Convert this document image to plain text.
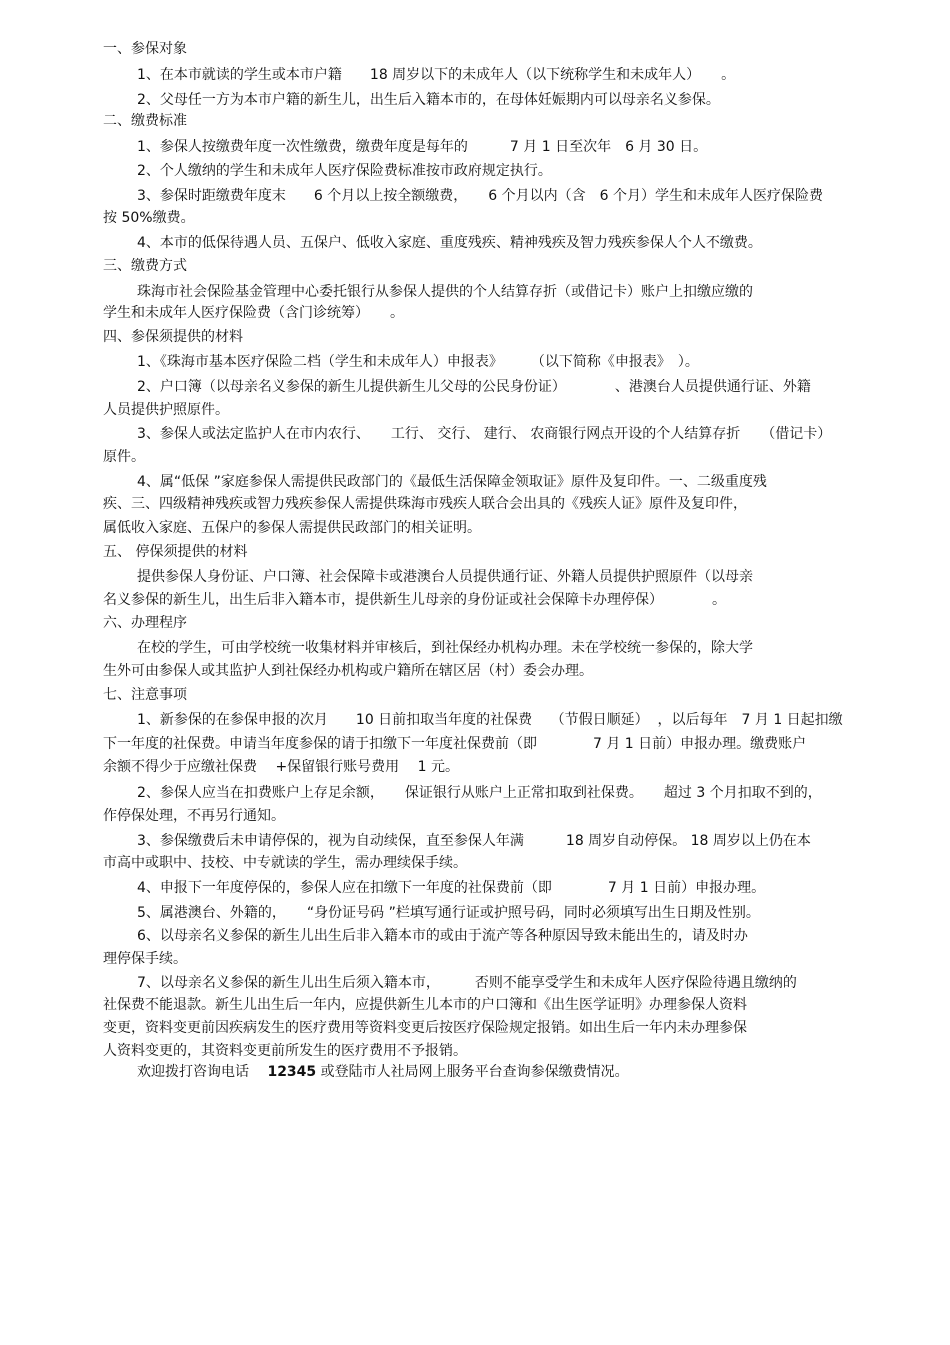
一、参保对象
1、在本市就读的学生或本市户籍　　18 周岁以下的未成年人（以下统称学生和未成年人）　　。
2、父母任一方为本市户籍的新生儿，出生后入籍本市的，在母体妊娠期内可以母亲名义参保。
二、缴费标准
1、参保人按缴费年度一次性缴费，缴费年度是每年的　　　7 月 1 日至次年　6 月 30 日。
2、个人缴纳的学生和未成年人医疗保险费标准按市政府规定执行。
3、参保时距缴费年度末　　6 个月以上按全额缴费，　　6 个月以内（含　6 个月）学生和未成年人医疗保险费
按 50%缴费。
4、本市的低保待遇人员、五保户、低收入家庭、重度残疾、精神残疾及智力残疾参保人个人不缴费。
三、缴费方式
珠海市社会保险基金管理中心委托银行从参保人提供的个人结算存折（或借记卡）账户上扣缴应缴的
学生和未成年人医疗保险费（含门诊统筹）　　。
四、参保须提供的材料
1、《珠海市基本医疗保险二档（学生和未成年人）申报表》　　　（以下简称《申报表》　）。
2、户口簿（以母亲名义参保的新生儿提供新生儿父母的公民身份证）　　　　、港澳台人员提供通行证、外籍
人员提供护照原件。
3、参保人或法定监护人在市内农行、　　工行、 交行、 建行、 农商银行网点开设的个人结算存折　　（借记卡）
原件。
4、属“低保 ”家庭参保人需提供民政部门的《最低生活保障金领取证》原件及复印件。一、二级重度残
疾、三、四级精神残疾或智力残疾参保人需提供珠海市残疾人联合会出具的《残疾人证》原件及复印件，
属低收入家庭、五保户的参保人需提供民政部门的相关证明。
五、 停保须提供的材料
提供参保人身份证、户口簿、社会保障卡或港澳台人员提供通行证、外籍人员提供护照原件（以母亲
名义参保的新生儿，出生后非入籍本市，提供新生儿母亲的身份证或社会保障卡办理停保）　　　　。
六、办理程序
在校的学生，可由学校统一收集材料并审核后，到社保经办机构办理。未在学校统一参保的，除大学
生外可由参保人或其监护人到社保经办机构或户籍所在辖区居（村）委会办理。
七、注意事项
1、新参保的在参保申报的次月　　10 日前扣取当年度的社保费　 （节假日顺延）  ，以后每年　7 月 1 日起扣缴
下一年度的社保费。申请当年度参保的请于扣缴下一年度社保费前（即　　　　7 月 1 日前）申报办理。缴费账户
余额不得少于应缴社保费　 +保留银行账号费用　 1 元。
2、参保人应当在扣费账户上存足余额，　　保证银行从账户上正常扣取到社保费。　　超过 3 个月扣取不到的，
作停保处理，不再另行通知。
3、参保缴费后未申请停保的，视为自动续保，直至参保人年满　　　18 周岁自动停保。 18 周岁以上仍在本
市高中或职中、技校、中专就读的学生，需办理续保手续。
4、申报下一年度停保的，参保人应在扣缴下一年度的社保费前（即　　　　7 月 1 日前）申报办理。
5、属港澳台、外籍的，　　“身份证号码 ”栏填写通行证或护照号码，同时必须填写出生日期及性别。
6、以母亲名义参保的新生儿出生后非入籍本市的或由于流产等各种原因导致未能出生的，请及时办
理停保手续。
7、以母亲名义参保的新生儿出生后须入籍本市，　　　否则不能享受学生和未成年人医疗保险待遇且缴纳的
社保费不能退款。新生儿出生后一年内，应提供新生儿本市的户口簿和《出生医学证明》办理参保人资料
变更，资料变更前因疾病发生的医疗费用等资料变更后按医疗保险规定报销。如出生后一年内未办理参保
人资料变更的，其资料变更前所发生的医疗费用不予报销。
欢迎拨打咨询电话　 12345 或登陆市人社局网上服务平台查询参保缴费情况。
